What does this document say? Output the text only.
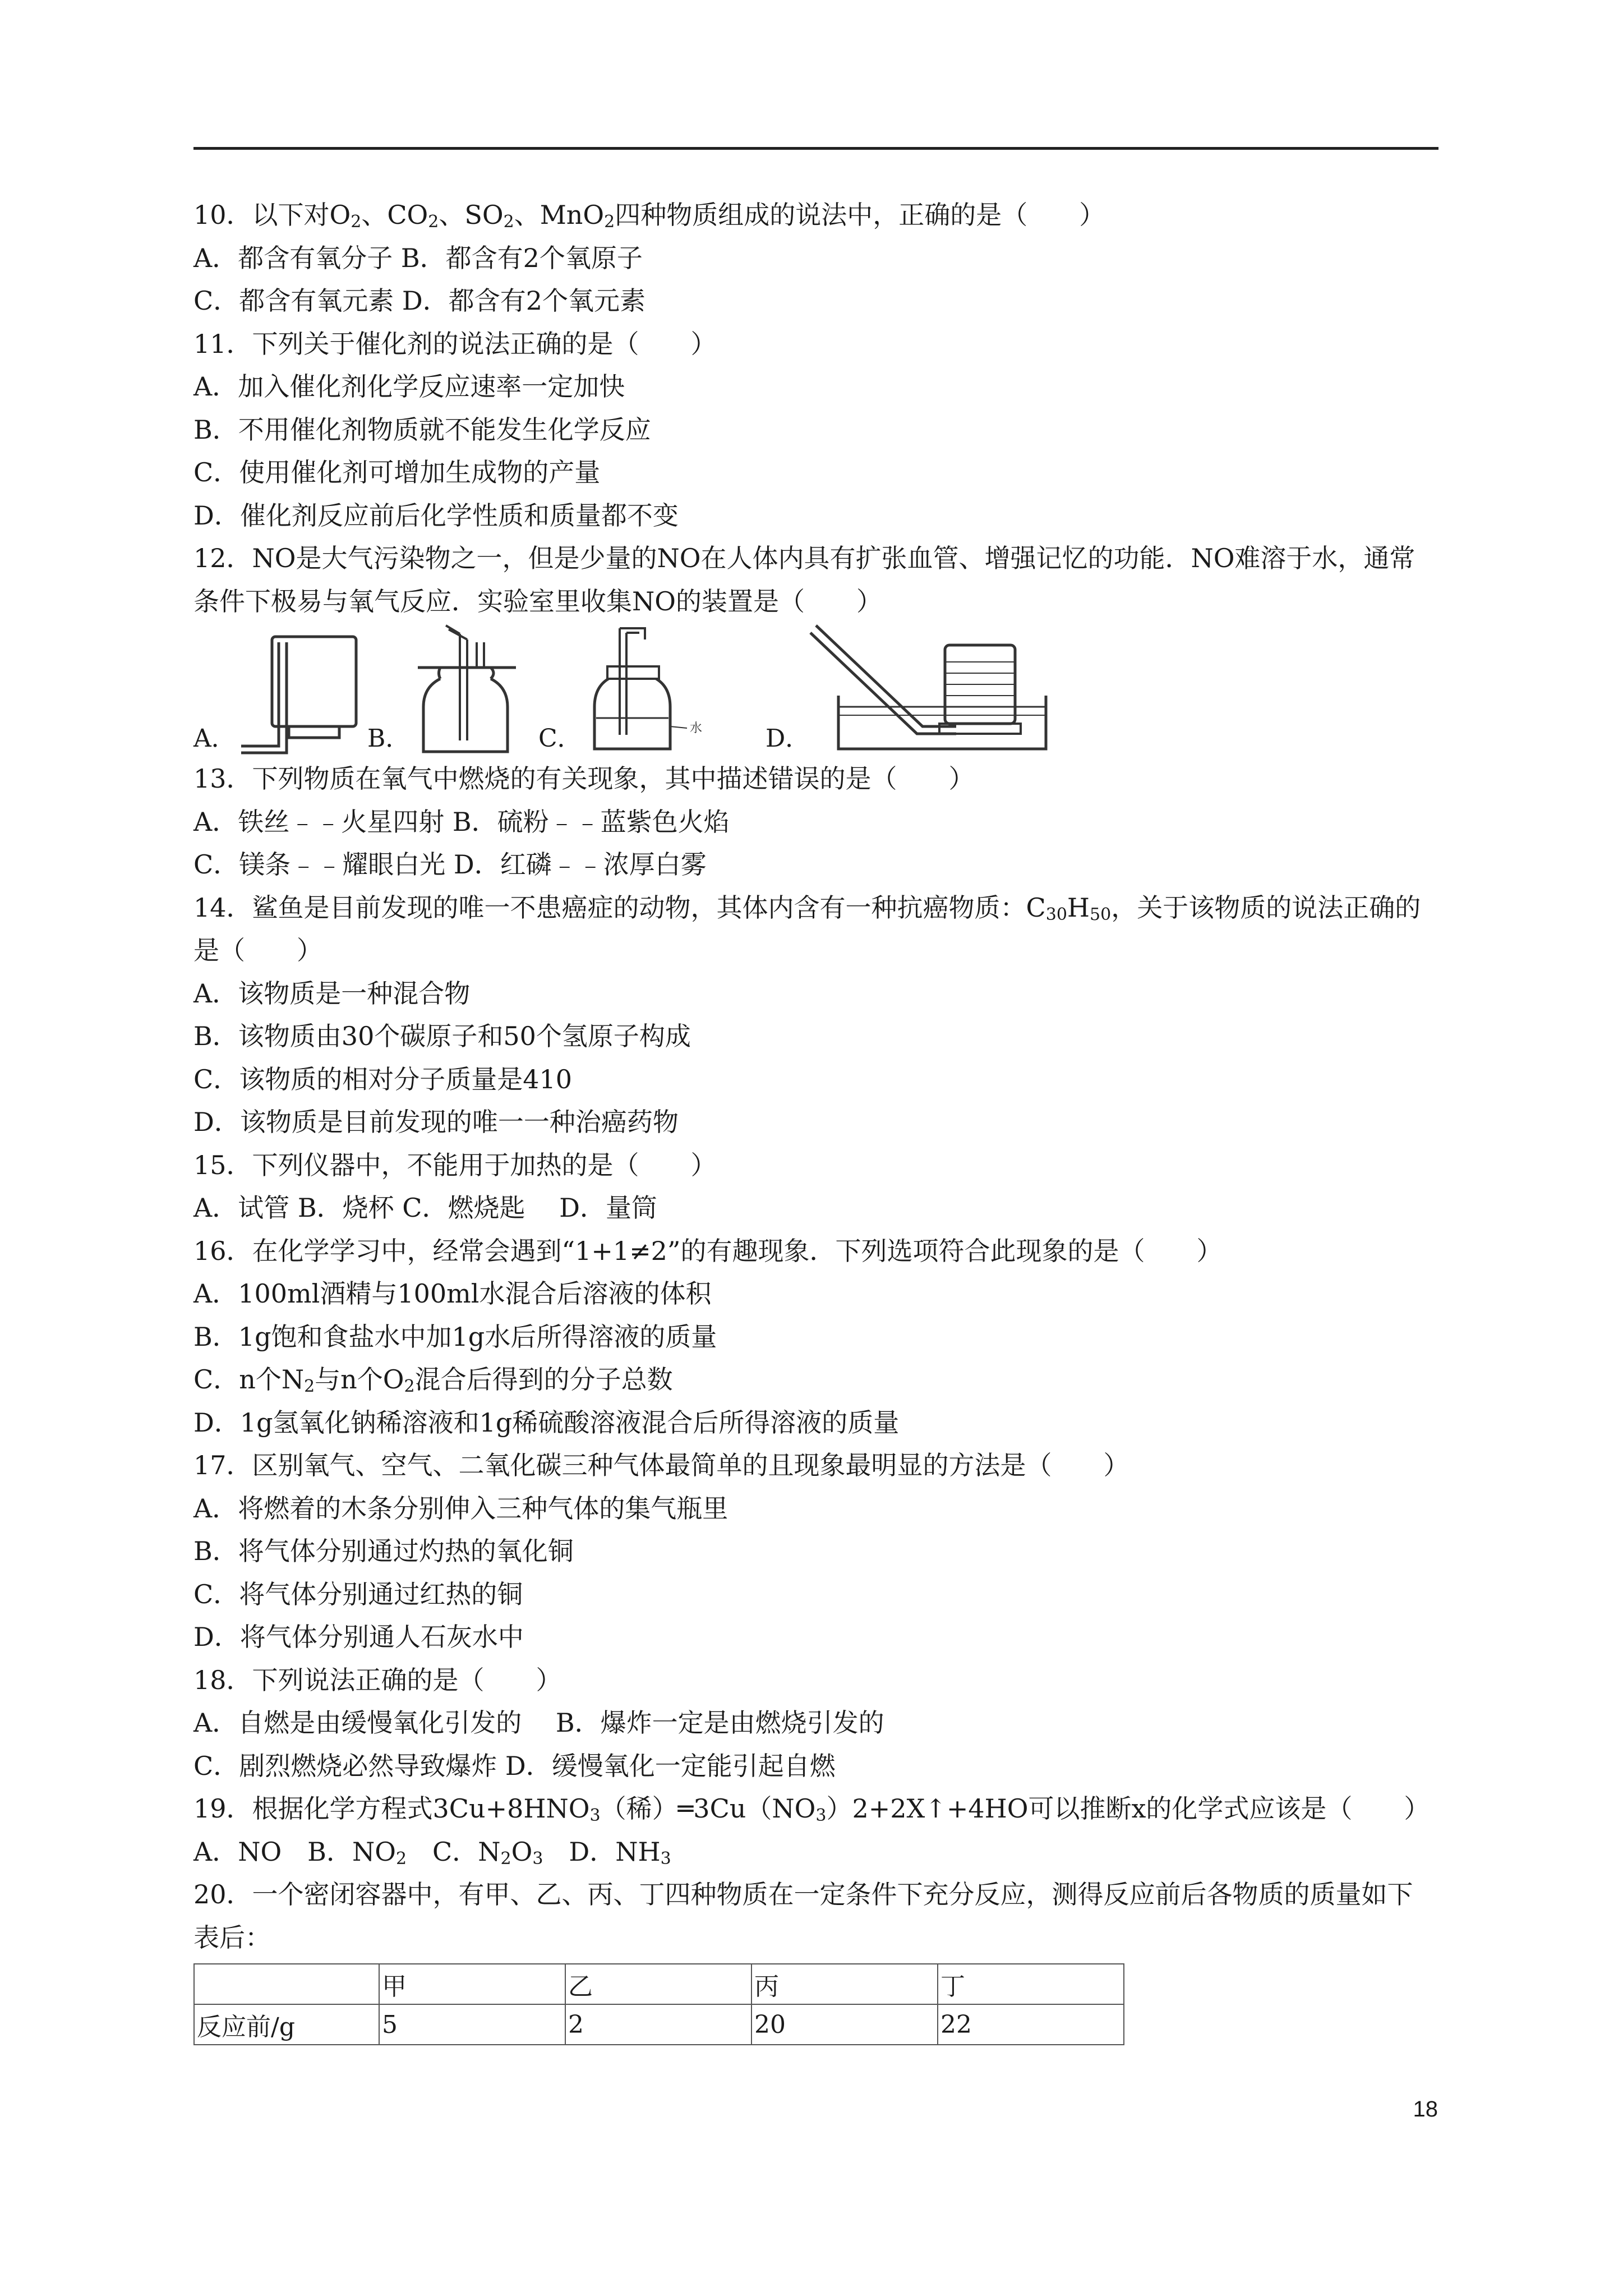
10．以下对$O_2$、$CO_2$、$SO_2$、MnO$_2$四种物质组成的说法中，正确的是（　　）
A．都含有氧分子 B．都含有2个氧原子
C．都含有氧元素 D．都含有2个氧元素
11．下列关于催化剂的说法正确的是（　　）
A．加入催化剂化学反应速率一定加快
B．不用催化剂物质就不能发生化学反应
C．使用催化剂可增加生成物的产量
D．催化剂反应前后化学性质和质量都不变
12．NO是大气污染物之一，但是少量的NO在人体内具有扩张血管、增强记忆的功能．NO难溶于水，通常条件下极易与氧气反应．实验室里收集NO的装置是（　　）
A．	B．	C．	水	D．
13．下列物质在氧气中燃烧的有关现象，其中描述错误的是（　　）
A．铁丝﹣﹣火星四射 B．硫粉﹣﹣蓝紫色火焰
C．镁条﹣﹣耀眼白光 D．红磷﹣﹣浓厚白雾
14．鲨鱼是目前发现的唯一不患癌症的动物，其体内含有一种抗癌物质：$C_{30}H_{50}$，关于该物质的说法正确的是（　　）
A．该物质是一种混合物
B．该物质由30个碳原子和50个氢原子构成
C．该物质的相对分子质量是410
D．该物质是目前发现的唯一一种治癌药物
15．下列仪器中，不能用于加热的是（　　）
A．试管 B．烧杯 C．燃烧匙　 D．量筒
16．在化学学习中，经常会遇到“1+1≠2”的有趣现象．下列选项符合此现象的是（　　）
A．100ml酒精与100ml水混合后溶液的体积
B．1g饱和食盐水中加1g水后所得溶液的质量
C．n个$N_2$与n个$O_2$混合后得到的分子总数
D．1g氢氧化钠稀溶液和1g稀硫酸溶液混合后所得溶液的质量
17．区别氧气、空气、二氧化碳三种气体最简单的且现象最明显的方法是（　　）
A．将燃着的木条分别伸入三种气体的集气瓶里
B．将气体分别通过灼热的氧化铜
C．将气体分别通过红热的铜
D．将气体分别通人石灰水中
18．下列说法正确的是（　　）
A．自燃是由缓慢氧化引发的　 B．爆炸一定是由燃烧引发的
C．剧烈燃烧必然导致爆炸 D．缓慢氧化一定能引起自燃
19．根据化学方程式$3Cu+8HNO_3$（稀）$═3Cu(NO_3)2+2X↑+4HO$可以推断x的化学式应该是（　　）
A．NO　B．$NO_2$　C．$N_2O_3$　D．$NH_3$
20．一个密闭容器中，有甲、乙、丙、丁四种物质在一定条件下充分反应，测得反应前后各物质的质量如下表后：
	甲	乙	丙	丁
反应前/g	5	2	20	22
18
